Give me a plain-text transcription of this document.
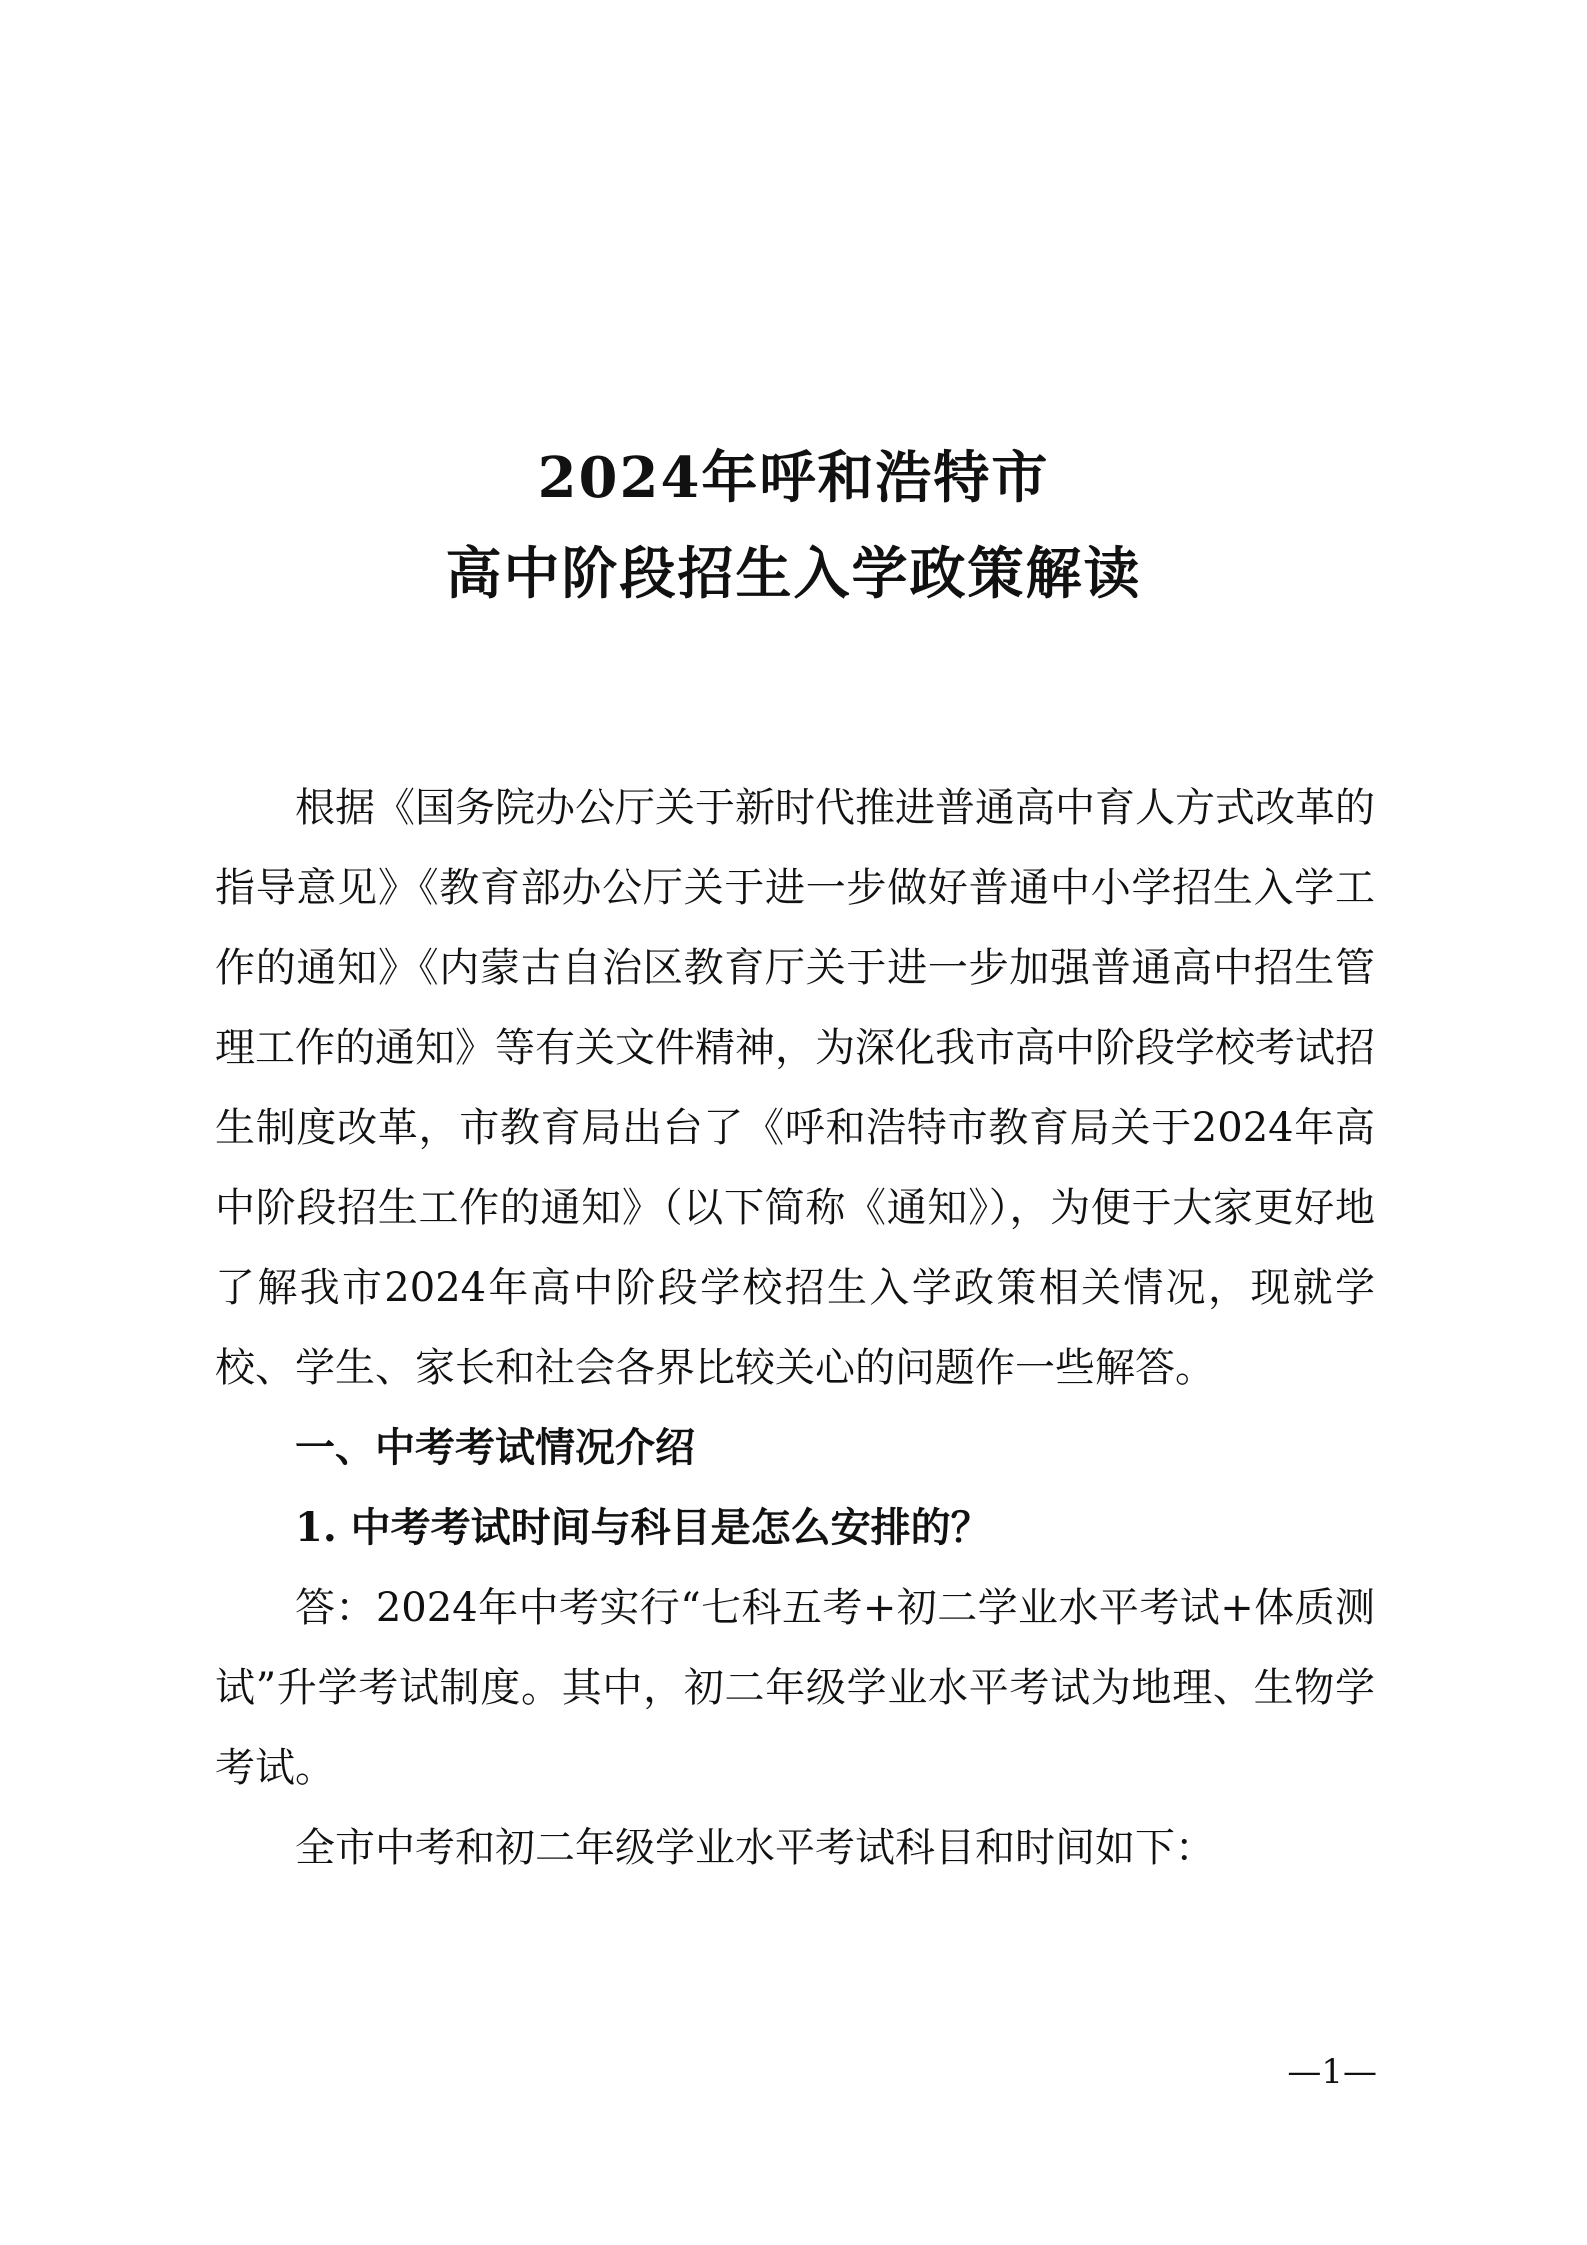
2024年呼和浩特市
高中阶段招生入学政策解读

根据《国务院办公厅关于新时代推进普通高中育人方式改革的指导意见》《教育部办公厅关于进一步做好普通中小学招生入学工作的通知》《内蒙古自治区教育厅关于进一步加强普通高中招生管理工作的通知》等有关文件精神，为深化我市高中阶段学校考试招生制度改革，市教育局出台了《呼和浩特市教育局关于2024年高中阶段招生工作的通知》（以下简称《通知》），为便于大家更好地了解我市2024年高中阶段学校招生入学政策相关情况，现就学校、学生、家长和社会各界比较关心的问题作一些解答。

一、中考考试情况介绍

1. 中考考试时间与科目是怎么安排的？

答：2024年中考实行“七科五考+初二学业水平考试+体质测试”升学考试制度。其中，初二年级学业水平考试为地理、生物学考试。

全市中考和初二年级学业水平考试科目和时间如下：

—1—
